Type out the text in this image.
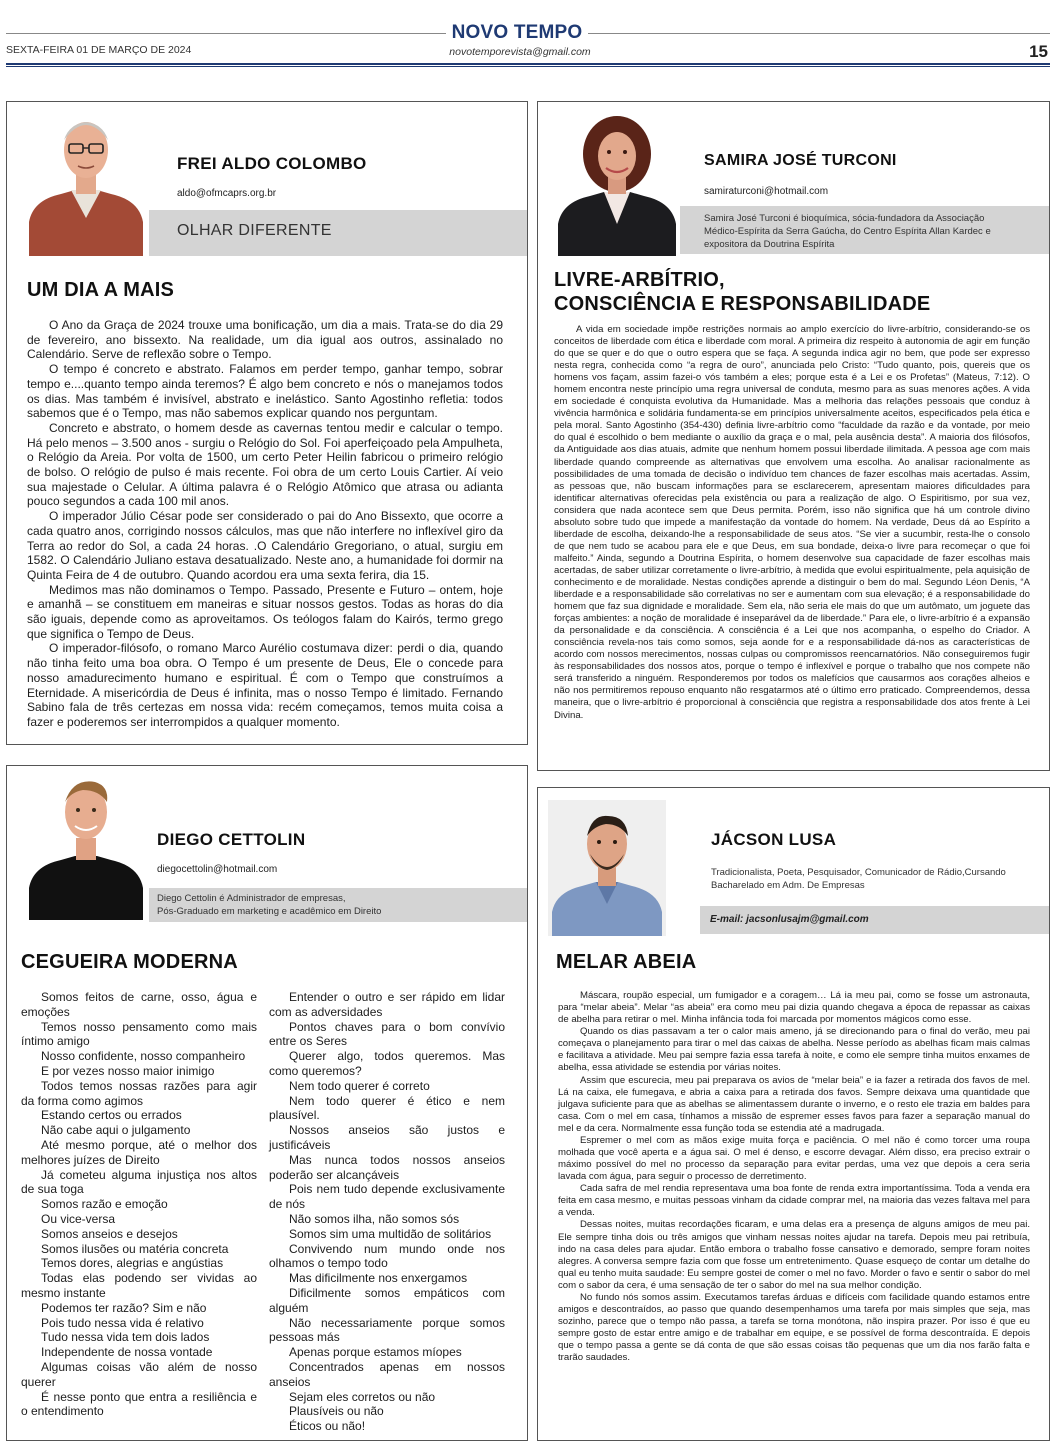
NOVO TEMPO
SEXTA-FEIRA 01 DE MARÇO DE 2024	novotemporevista@gmail.com	15
FREI ALDO COLOMBO
aldo@ofmcaprs.org.br
OLHAR DIFERENTE
UM DIA A MAIS

O Ano da Graça de 2024 trouxe uma bonificação, um dia a mais. Trata-se do dia 29 de fevereiro, ano bissexto. Na realidade, um dia igual aos outros, assinalado no Calendário. Serve de reflexão sobre o Tempo.

O tempo é concreto e abstrato. Falamos em perder tempo, ganhar tempo, sobrar tempo e....quanto tempo ainda teremos? É algo bem concreto e nós o manejamos todos os dias. Mas também é invisível, abstrato e inelástico. Santo Agostinho refletia: todos sabemos que é o Tempo, mas não sabemos explicar quando nos perguntam.

Concreto e abstrato, o homem desde as cavernas tentou medir e calcular o tempo. Há pelo menos – 3.500 anos - surgiu o Relógio do Sol. Foi aperfeiçoado pela Ampulheta, o Relógio da Areia. Por volta de 1500, um certo Peter Heilin fabricou o primeiro relógio de bolso. O relógio de pulso é mais recente. Foi obra de um certo Louis Cartier. Aí veio sua majestade o Celular. A última palavra é o Relógio Atômico que atrasa ou adianta pouco segundos a cada 100 mil anos.

O imperador Júlio César pode ser considerado o pai do Ano Bissexto, que ocorre a cada quatro anos, corrigindo nossos cálculos, mas que não interfere no inflexível giro da Terra ao redor do Sol, a cada 24 horas. .O Calendário Gregoriano, o atual, surgiu em 1582. O Calendário Juliano estava desatualizado. Neste ano, a humanidade foi dormir na Quinta Feira de 4 de outubro. Quando acordou era uma sexta ferira, dia 15.

Medimos mas não dominamos o Tempo. Passado, Presente e Futuro – ontem, hoje e amanhã – se constituem em maneiras e situar nossos gestos. Todas as horas do dia são iguais, depende como as aproveitamos. Os teólogos falam do Kairós, termo grego que significa o Tempo de Deus.

O imperador-filósofo, o romano Marco Aurélio costumava dizer: perdi o dia, quando não tinha feito uma boa obra. O Tempo é um presente de Deus, Ele o concede para nosso amadurecimento humano e espiritual. É com o Tempo que construímos a Eternidade. A misericórdia de Deus é infinita, mas o nosso Tempo é limitado. Fernando Sabino fala de três certezas em nossa vida: recém começamos, temos muita coisa a fazer e poderemos ser interrompidos a qualquer momento.

SAMIRA JOSÉ TURCONI
samiraturconi@hotmail.com
Samira José Turconi é bioquímica, sócia-fundadora da Associação Médico-Espírita da Serra Gaúcha, do Centro Espírita Allan Kardec e expositora da Doutrina Espírita
LIVRE-ARBÍTRIO,
CONSCIÊNCIA E RESPONSABILIDADE

A vida em sociedade impõe restrições normais ao amplo exercício do livre-arbítrio, considerando-se os conceitos de liberdade com ética e liberdade com moral. A primeira diz respeito à autonomia de agir em função do que se quer e do que o outro espera que se faça. A segunda indica agir no bem, que pode ser expresso nesta regra, conhecida como “a regra de ouro”, anunciada pelo Cristo: “Tudo quanto, pois, quereis que os homens vos façam, assim fazei-o vós também a eles; porque esta é a Lei e os Profetas” (Mateus, 7:12). O homem encontra neste princípio uma regra universal de conduta, mesmo para as suas menores ações. A vida em sociedade é conquista evolutiva da Humanidade. Mas a melhoria das relações pessoais que conduz à vivência harmônica e solidária fundamenta-se em princípios universalmente aceitos, especificados pela ética e pela moral. Santo Agostinho (354-430) definia livre-arbítrio como “faculdade da razão e da vontade, por meio do qual é escolhido o bem mediante o auxílio da graça e o mal, pela ausência desta”. A maioria dos filósofos, da Antiguidade aos dias atuais, admite que nenhum homem possui liberdade ilimitada. A pessoa age com mais liberdade quando compreende as alternativas que envolvem uma escolha. Ao analisar racionalmente as possibilidades de uma tomada de decisão o indivíduo tem chances de fazer escolhas mais acertadas. Assim, as pessoas que, não buscam informações para se esclarecerem, apresentam maiores dificuldades para identificar alternativas oferecidas pela existência ou para a realização de algo. O Espiritismo, por sua vez, considera que nada acontece sem que Deus permita. Porém, isso não significa que há um controle divino absoluto sobre tudo que impede a manifestação da vontade do homem. Na verdade, Deus dá ao Espírito a liberdade de escolha, deixando-lhe a responsabilidade de seus atos. “Se vier a sucumbir, resta-lhe o consolo de que nem tudo se acabou para ele e que Deus, em sua bondade, deixa-o livre para recomeçar o que foi malfeito.” Ainda, segundo a Doutrina Espírita, o homem desenvolve sua capacidade de fazer escolhas mais acertadas, de saber utilizar corretamente o livre-arbítrio, à medida que evolui espiritualmente, pela aquisição de conhecimento e de moralidade. Nestas condições aprende a distinguir o bem do mal. Segundo Léon Denis, “A liberdade e a responsabilidade são correlativas no ser e aumentam com sua elevação; é a responsabilidade do homem que faz sua dignidade e moralidade. Sem ela, não seria ele mais do que um autômato, um joguete das forças ambientes: a noção de moralidade é inseparável da de liberdade.” Para ele, o livre-arbítrio é a expansão da personalidade e da consciência. A consciência é a Lei que nos acompanha, o espelho do Criador. A consciência revela-nos tais como somos, seja aonde for e a responsabilidade dá-nos as características de acordo com nossos merecimentos, nossas culpas ou compromissos reencarnatórios. Não conseguiremos fugir às responsabilidades dos nossos atos, porque o tempo é inflexível e porque o trabalho que nos compete não será transferido a ninguém. Responderemos por todos os malefícios que causarmos aos corações alheios e não nos permitiremos repouso enquanto não resgatarmos até o último erro praticado. Compreendemos, dessa maneira, que o livre-arbítrio é proporcional à consciência que registra a responsabilidade dos atos frente à Lei Divina.

DIEGO CETTOLIN
diegocettolin@hotmail.com
Diego Cettolin é Administrador de empresas,
Pós-Graduado em marketing e acadêmico em Direito
CEGUEIRA MODERNA

Somos feitos de carne, osso, água e emoções

Temos nosso pensamento como mais íntimo amigo

Nosso confidente, nosso companheiro

E por vezes nosso maior inimigo

Todos temos nossas razões para agir da forma como agimos

Estando certos ou errados

Não cabe aqui o julgamento

Até mesmo porque, até o melhor dos melhores juízes de Direito

Já cometeu alguma injustiça nos altos de sua toga

Somos razão e emoção

Ou vice-versa

Somos anseios e desejos

Somos ilusões ou matéria concreta

Temos dores, alegrias e angústias

Todas elas podendo ser vividas ao mesmo instante

Podemos ter razão? Sim e não

Pois tudo nessa vida é relativo

Tudo nessa vida tem dois lados

Independente de nossa vontade

Algumas coisas vão além de nosso querer

É nesse ponto que entra a resiliência e o entendimento

Entender o outro e ser rápido em lidar com as adversidades

Pontos chaves para o bom convívio entre os Seres

Querer algo, todos queremos. Mas como queremos?

Nem todo querer é correto

Nem todo querer é ético e nem plausível.

Nossos anseios são justos e justificáveis

Mas nunca todos nossos anseios poderão ser alcançáveis

Pois nem tudo depende exclusivamente de nós

Não somos ilha, não somos sós

Somos sim uma multidão de solitários

Convivendo num mundo onde nos olhamos o tempo todo

Mas dificilmente nos enxergamos

Dificilmente somos empáticos com alguém

Não necessariamente porque somos pessoas más

Apenas porque estamos míopes

Concentrados apenas em nossos anseios

Sejam eles corretos ou não

Plausíveis ou não

Éticos ou não!

JÁCSON LUSA
Tradicionalista, Poeta, Pesquisador, Comunicador de Rádio,Cursando Bacharelado em Adm. De Empresas
E-mail: jacsonlusajm@gmail.com
MELAR ABEIA

Máscara, roupão especial, um fumigador e a coragem… Lá ia meu pai, como se fosse um astronauta, para “melar abeia”. Melar “as abeia” era como meu pai dizia quando chegava a época de repassar as caixas de abelha para retirar o mel. Minha infância toda foi marcada por momentos mágicos como esse.

Quando os dias passavam a ter o calor mais ameno, já se direcionando para o final do verão, meu pai começava o planejamento para tirar o mel das caixas de abelha. Nesse período as abelhas ficam mais calmas e facilitava a atividade. Meu pai sempre fazia essa tarefa à noite, e como ele sempre tinha muitos enxames de abelha, essa atividade se estendia por várias noites.

Assim que escurecia, meu pai preparava os avios de “melar beia” e ia fazer a retirada dos favos de mel. Lá na caixa, ele fumegava, e abria a caixa para a retirada dos favos. Sempre deixava uma quantidade que julgava suficiente para que as abelhas se alimentassem durante o inverno, e o resto ele trazia em baldes para casa. Com o mel em casa, tínhamos a missão de espremer esses favos para fazer a separação manual do mel e da cera. Normalmente essa função toda se estendia até a madrugada.

Espremer o mel com as mãos exige muita força e paciência. O mel não é como torcer uma roupa molhada que você aperta e a água sai. O mel é denso, e escorre devagar. Além disso, era preciso extrair o máximo possível do mel no processo da separação para evitar perdas, uma vez que depois a cera seria lavada com água, para seguir o processo de derretimento.

Cada safra de mel rendia representava uma boa fonte de renda extra importantíssima. Toda a venda era feita em casa mesmo, e muitas pessoas vinham da cidade comprar mel, na maioria das vezes faltava mel para a venda.

Dessas noites, muitas recordações ficaram, e uma delas era a presença de alguns amigos de meu pai. Ele sempre tinha dois ou três amigos que vinham nessas noites ajudar na tarefa. Depois meu pai retribuía, indo na casa deles para ajudar. Então embora o trabalho fosse cansativo e demorado, sempre foram noites alegres. A conversa sempre fazia com que fosse um entretenimento. Quase esqueço de contar um detalhe do qual eu tenho muita saudade: Eu sempre gostei de comer o mel no favo. Morder o favo e sentir o sabor do mel com o sabor da cera, é uma sensação de ter o sabor do mel na sua melhor condição.

No fundo nós somos assim. Executamos tarefas árduas e difíceis com facilidade quando estamos entre amigos e descontraídos, ao passo que quando desempenhamos uma tarefa por mais simples que seja, mas sozinho, parece que o tempo não passa, a tarefa se torna monótona, não inspira prazer. Por isso é que eu sempre gosto de estar entre amigo e de trabalhar em equipe, e se possível de forma descontraída. E depois que o tempo passa a gente se dá conta de que são essas coisas tão pequenas que um dia nos farão falta e trarão saudades.
